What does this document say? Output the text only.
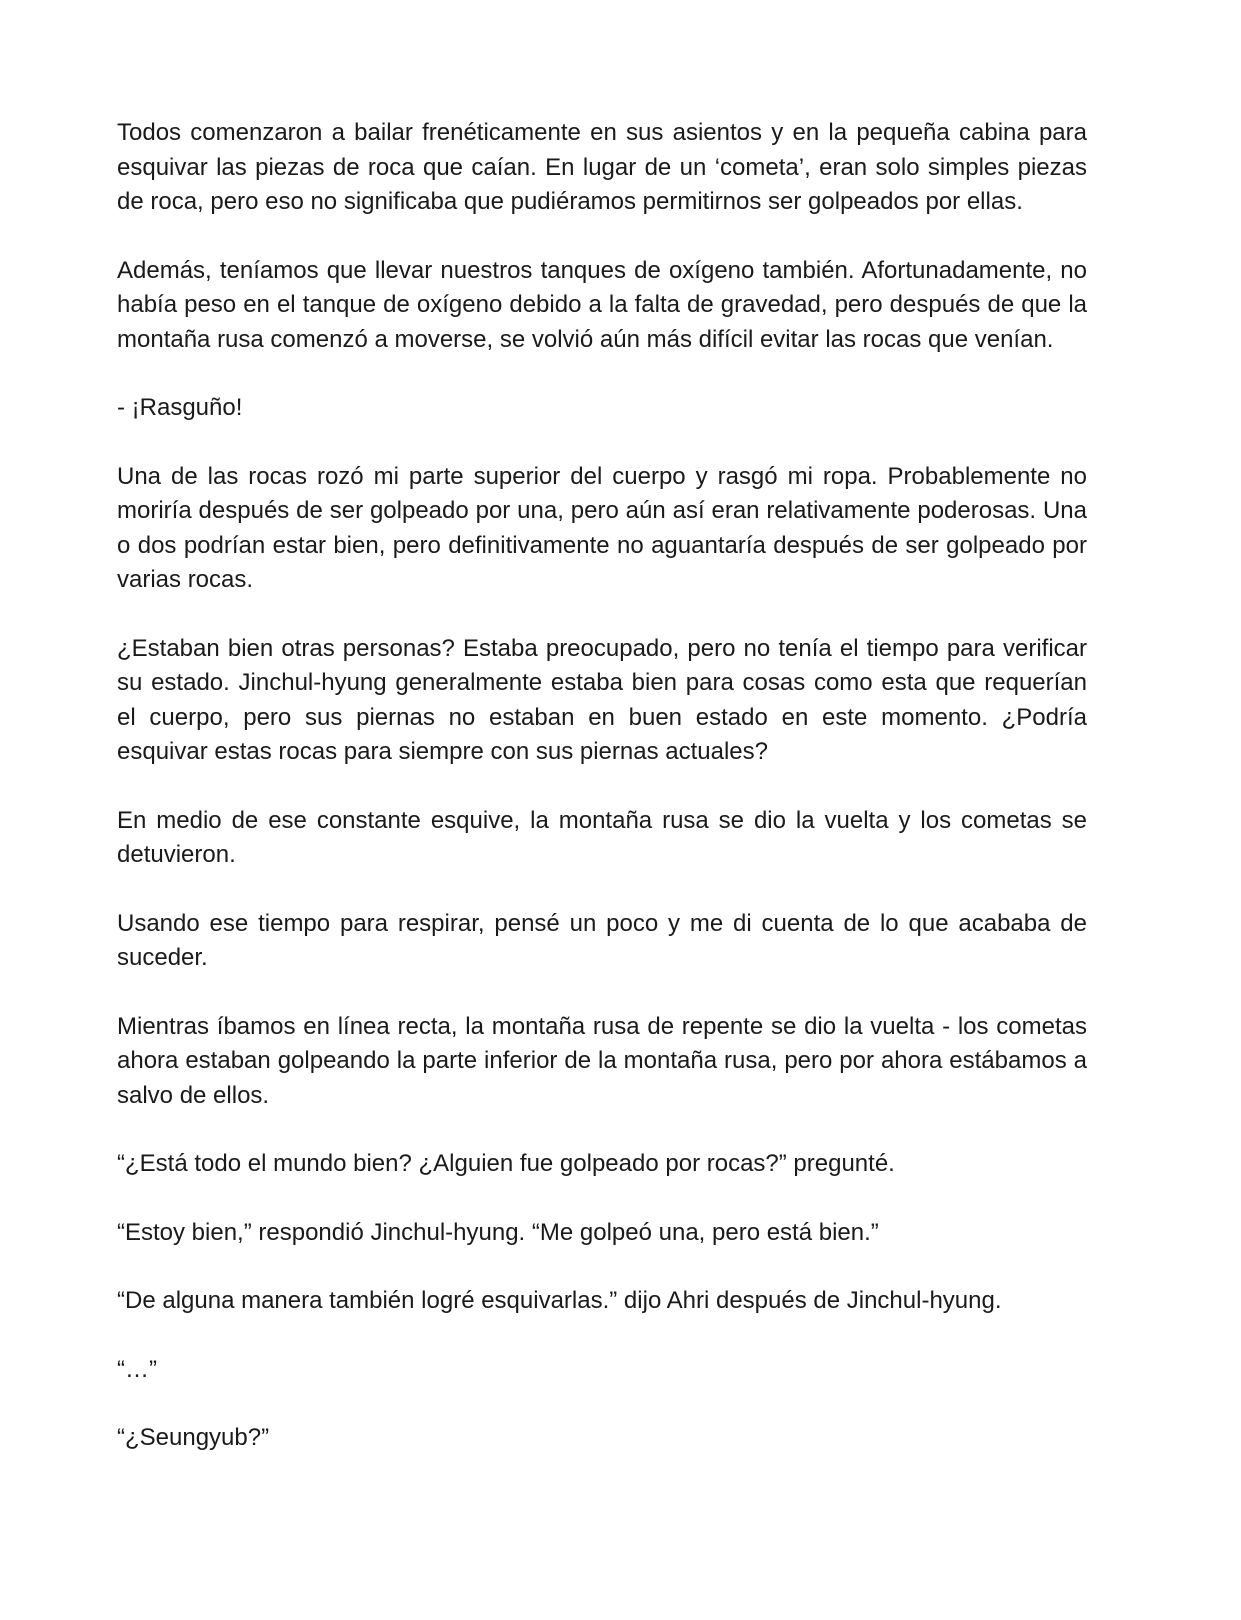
Todos comenzaron a bailar frenéticamente en sus asientos y en la pequeña cabina para esquivar las piezas de roca que caían. En lugar de un ‘cometa’, eran solo simples piezas de roca, pero eso no significaba que pudiéramos permitirnos ser golpeados por ellas.

Además, teníamos que llevar nuestros tanques de oxígeno también. Afortunadamente, no había peso en el tanque de oxígeno debido a la falta de gravedad, pero después de que la montaña rusa comenzó a moverse, se volvió aún más difícil evitar las rocas que venían.

- ¡Rasguño!

Una de las rocas rozó mi parte superior del cuerpo y rasgó mi ropa. Probablemente no moriría después de ser golpeado por una, pero aún así eran relativamente poderosas. Una o dos podrían estar bien, pero definitivamente no aguantaría después de ser golpeado por varias rocas.

¿Estaban bien otras personas? Estaba preocupado, pero no tenía el tiempo para verificar su estado. Jinchul-hyung generalmente estaba bien para cosas como esta que requerían el cuerpo, pero sus piernas no estaban en buen estado en este momento. ¿Podría esquivar estas rocas para siempre con sus piernas actuales?

En medio de ese constante esquive, la montaña rusa se dio la vuelta y los cometas se detuvieron.

Usando ese tiempo para respirar, pensé un poco y me di cuenta de lo que acababa de suceder.

Mientras íbamos en línea recta, la montaña rusa de repente se dio la vuelta - los cometas ahora estaban golpeando la parte inferior de la montaña rusa, pero por ahora estábamos a salvo de ellos.

“¿Está todo el mundo bien? ¿Alguien fue golpeado por rocas?” pregunté.

“Estoy bien,” respondió Jinchul-hyung. “Me golpeó una, pero está bien.”

“De alguna manera también logré esquivarlas.” dijo Ahri después de Jinchul-hyung.

“…”

“¿Seungyub?”
